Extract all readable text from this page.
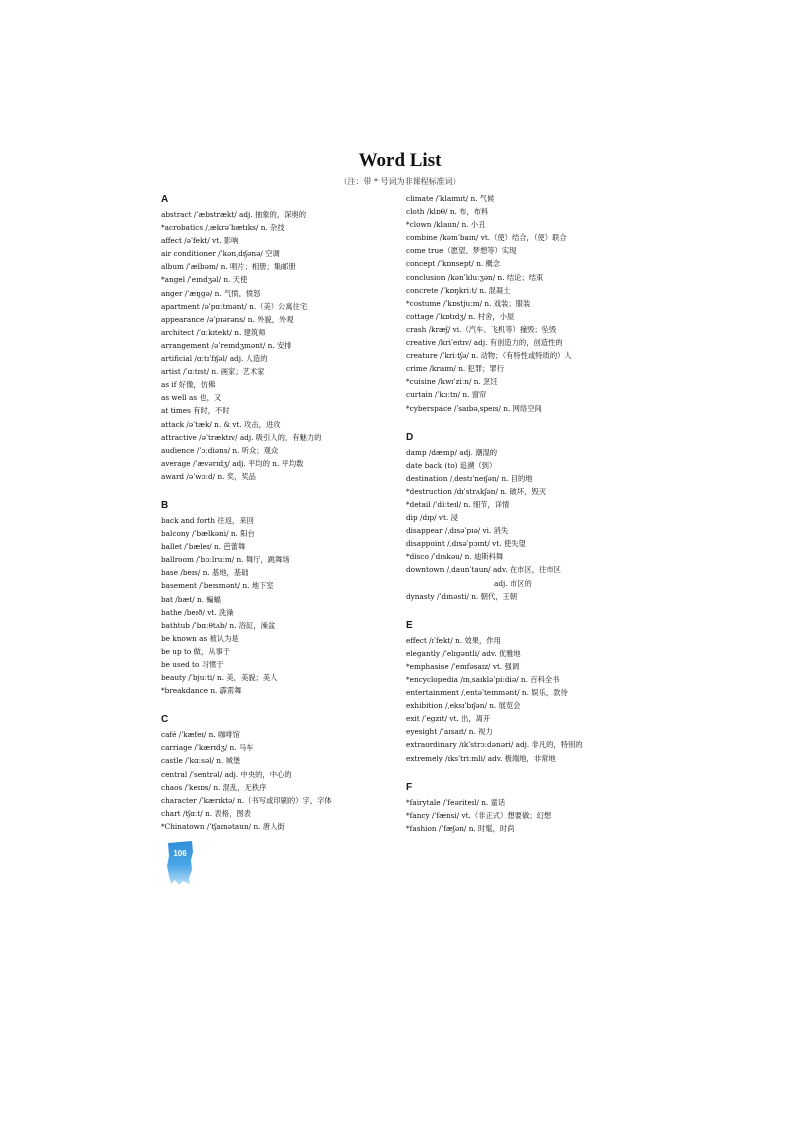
Word List
（注：带 * 号词为非课程标准词）
A
abstract /ˈæbstrækt/ adj. 抽象的，深奥的
*acrobatics /ˌækrəˈbætɪks/ n. 杂技
affect /əˈfekt/ vt. 影响
air conditioner /ˈkənˌdɪʃənə/ 空调
album /ˈælbəm/ n. 唱片；相册；集邮册
*angel /ˈeɪndʒəl/ n. 天使
anger /ˈæŋgə/ n. 气愤，愤怒
apartment /əˈpɑːtmənt/ n.（美）公寓住宅
appearance /əˈpɪərəns/ n. 外貌，外观
architect /ˈɑːkɪtekt/ n. 建筑师
arrangement /əˈreɪndʒmənt/ n. 安排
artificial /ɑːtɪˈfɪʃəl/ adj. 人造的
artist /ˈɑːtɪst/ n. 画家；艺术家
as if 好像，仿佛
as well as 也，又
at times 有时，不时
attack /əˈtæk/ n. & vt. 攻击，进攻
attractive /əˈtræktɪv/ adj. 吸引人的，有魅力的
audience /ˈɔːdiəns/ n. 听众；观众
average /ˈævərɪdʒ/ adj. 平均的 n. 平均数
award /əˈwɔːd/ n. 奖，奖品
B
back and forth 往返，来回
balcony /ˈbælkəni/ n. 阳台
ballet /ˈbæleɪ/ n. 芭蕾舞
ballroom /ˈbɔːlruːm/ n. 舞厅，跳舞场
base /beɪs/ n. 基地，基础
basement /ˈbeɪsmənt/ n. 地下室
bat /bæt/ n. 蝙蝠
bathe /beɪð/ vt. 洗澡
bathtub /ˈbɑːθtʌb/ n. 浴缸，澡盆
be known as 被认为是
be up to 做，从事于
be used to 习惯于
beauty /ˈbjuːti/ n. 美，美貌；美人
*breakdance n. 霹雳舞
C
café /ˈkæfeɪ/ n. 咖啡馆
carriage /ˈkærɪdʒ/ n. 马车
castle /ˈkɑːsəl/ n. 城堡
central /ˈsentrəl/ adj. 中央的，中心的
chaos /ˈkeɪɒs/ n. 混乱，无秩序
character /ˈkærɪktə/ n.（书写或印刷的）字，字体
chart /tʃɑːt/ n. 表格，图表
*Chinatown /ˈtʃaɪnətaun/ n. 唐人街
climate /ˈklaɪmɪt/ n. 气候
cloth /klɒθ/ n. 布，布料
*clown /klaun/ n. 小丑
combine /kəmˈbaɪn/ vt.（使）结合，（使）联合
come true（愿望、梦想等）实现
concept /ˈkɒnsept/ n. 概念
conclusion /kənˈkluːʒən/ n. 结论；结束
concrete /ˈkɒŋkriːt/ n. 混凝土
*costume /ˈkɒstjuːm/ n. 戏装；服装
cottage /ˈkɒtɪdʒ/ n. 村舍，小屋
crash /kræʃ/ vi.（汽车、飞机等）撞毁；坠毁
creative /kriˈeɪtɪv/ adj. 有创造力的，创造性的
creature /ˈkriːtʃə/ n. 动物；（有特性或特质的）人
crime /kraɪm/ n. 犯罪；罪行
*cuisine /kwɪˈziːn/ n. 烹饪
curtain /ˈkɜːtn/ n. 窗帘
*cyberspace /ˈsaɪbəˌspeɪs/ n. 网络空间
D
damp /dæmp/ adj. 潮湿的
date back (to) 追溯（到）
destination /ˌdestɪˈneɪʃən/ n. 目的地
*destruction /dɪˈstrʌkʃən/ n. 破坏，毁灭
*detail /ˈdiːteɪl/ n. 细节，详情
dip /dɪp/ vt. 浸
disappear /ˌdɪsəˈpɪə/ vi. 消失
disappoint /ˌdɪsəˈpɔɪnt/ vt. 使失望
*disco /ˈdɪskəu/ n. 迪斯科舞
downtown /ˌdaunˈtaun/ adv. 在市区，往市区
adj. 市区的
dynasty /ˈdɪnəsti/ n. 朝代，王朝
E
effect /ɪˈfekt/ n. 效果，作用
elegantly /ˈelɪgəntli/ adv. 优雅地
*emphasise /ˈemfəsaɪz/ vt. 强调
*encyclopedia /ɪnˌsaɪkləˈpiːdiə/ n. 百科全书
entertainment /ˌentəˈteɪnmənt/ n. 娱乐，款待
exhibition /ˌeksɪˈbɪʃən/ n. 展览会
exit /ˈegzɪt/ vt. 出，离开
eyesight /ˈaɪsaɪt/ n. 视力
extraordinary /ɪkˈstrɔːdənəri/ adj. 非凡的，特别的
extremely /ɪksˈtriːmli/ adv. 极端地，非常地
F
*fairytale /ˈfeəriteɪl/ n. 童话
*fancy /ˈfænsi/ vt.（非正式）想要做；幻想
*fashion /ˈfæʃən/ n. 时髦，时尚
106
